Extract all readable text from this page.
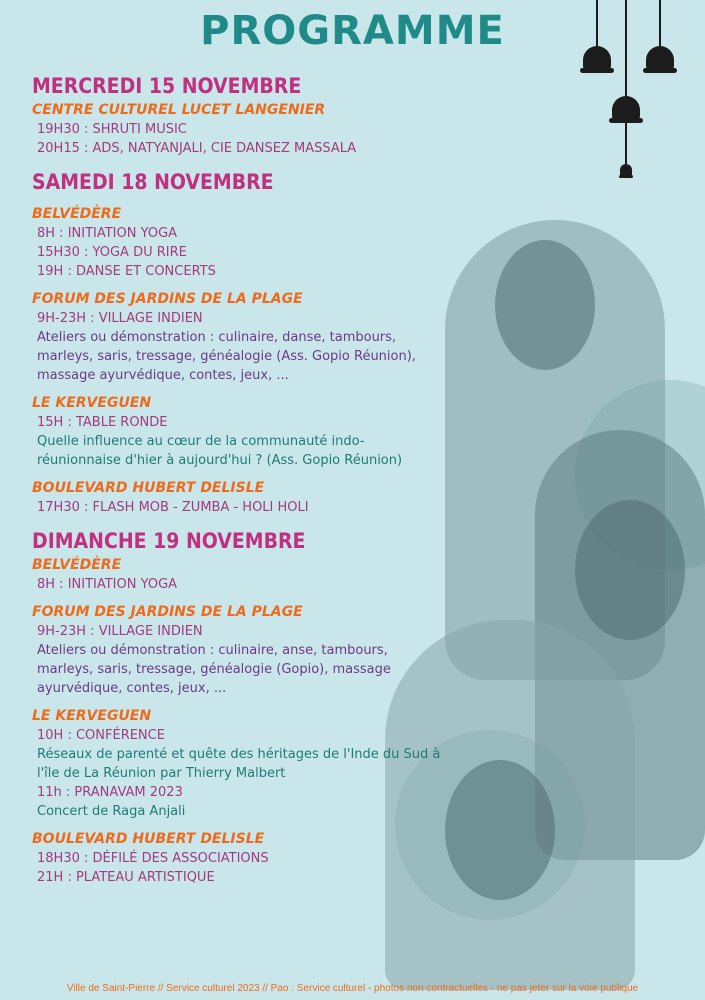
PROGRAMME
MERCREDI 15 NOVEMBRE
CENTRE CULTUREL LUCET LANGENIER
19H30 : SHRUTI MUSIC
20H15 : ADS, NATYANJALI, CIE DANSEZ MASSALA
SAMEDI 18 NOVEMBRE
BELVÉDÈRE
8H : INITIATION YOGA
15H30 : YOGA DU RIRE
19H : DANSE ET CONCERTS
FORUM DES JARDINS DE LA PLAGE
9H-23H : VILLAGE INDIEN
Ateliers ou démonstration : culinaire, danse, tambours, marleys, saris, tressage, généalogie (Ass. Gopio Réunion), massage ayurvédique, contes, jeux, ...
LE KERVEGUEN
15H : TABLE RONDE
Quelle influence au cœur de la communauté indo-réunionnaise d'hier à aujourd'hui ? (Ass. Gopio Réunion)
BOULEVARD HUBERT DELISLE
17H30 : FLASH MOB - ZUMBA - HOLI HOLI
DIMANCHE 19 NOVEMBRE
BELVÉDÈRE
8H : INITIATION YOGA
FORUM DES JARDINS DE LA PLAGE
9H-23H : VILLAGE INDIEN
Ateliers ou démonstration : culinaire, anse, tambours, marleys, saris, tressage, généalogie (Gopio), massage ayurvédique, contes, jeux, ...
LE KERVEGUEN
10H : CONFÉRENCE
Réseaux de parenté et quête des héritages de l'Inde du Sud à l'île de La Réunion par Thierry Malbert
11h : PRANAVAM 2023
Concert de Raga Anjali
BOULEVARD HUBERT DELISLE
18H30 : DÉFILÉ DES ASSOCIATIONS
21H : PLATEAU ARTISTIQUE
Ville de Saint-Pierre // Service culturel 2023 // Pao : Service culturel - photos non contractuelles - ne pas jeter sur la voie publique
